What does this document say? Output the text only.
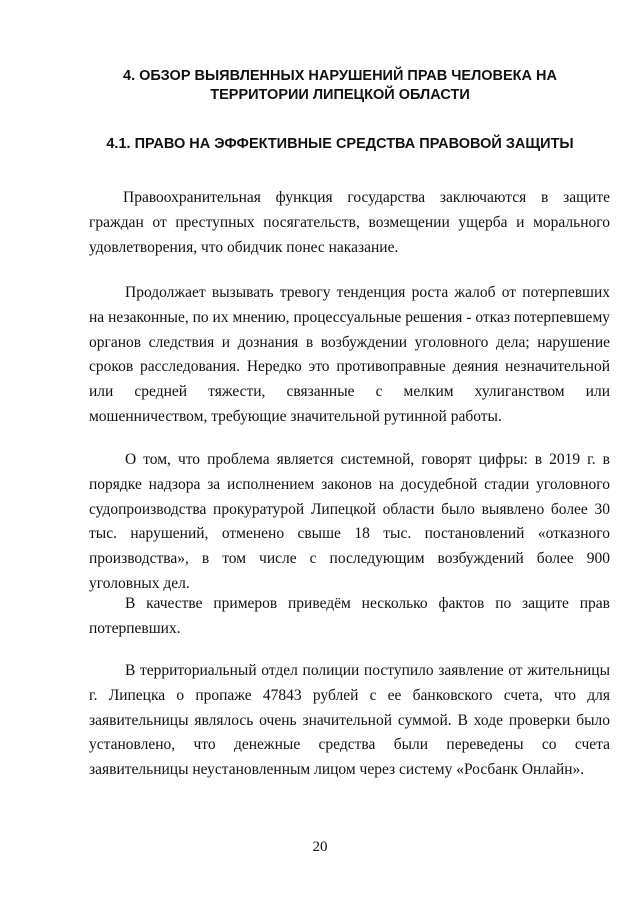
4. ОБЗОР ВЫЯВЛЕННЫХ НАРУШЕНИЙ ПРАВ ЧЕЛОВЕКА НА
ТЕРРИТОРИИ ЛИПЕЦКОЙ ОБЛАСТИ
4.1. ПРАВО НА ЭФФЕКТИВНЫЕ СРЕДСТВА ПРАВОВОЙ ЗАЩИТЫ

Правоохранительная функция государства заключаются в защите граждан от преступных посягательств, возмещении ущерба и морального удовлетворения, что обидчик понес наказание.

Продолжает вызывать тревогу тенденция роста жалоб от потерпевших на незаконные, по их мнению, процессуальные решения - отказ потерпевшему органов следствия и дознания в возбуждении уголовного дела; нарушение сроков расследования. Нередко это противоправные деяния незначительной или средней тяжести, связанные с мелким хулиганством или мошенничеством, требующие значительной рутинной работы.

О том, что проблема является системной, говорят цифры: в 2019 г. в порядке надзора за исполнением законов на досудебной стадии уголовного судопроизводства прокуратурой Липецкой области было выявлено более 30 тыс. нарушений, отменено свыше 18 тыс. постановлений «отказного производства», в том числе с последующим возбуждений более 900 уголовных дел.

В качестве примеров приведём несколько фактов по защите прав потерпевших.

В территориальный отдел полиции поступило заявление от жительницы г. Липецка о пропаже 47843 рублей с ее банковского счета, что для заявительницы являлось очень значительной суммой. В ходе проверки было установлено, что денежные средства были переведены со счета заявительницы неустановленным лицом через систему «Росбанк Онлайн».

20
